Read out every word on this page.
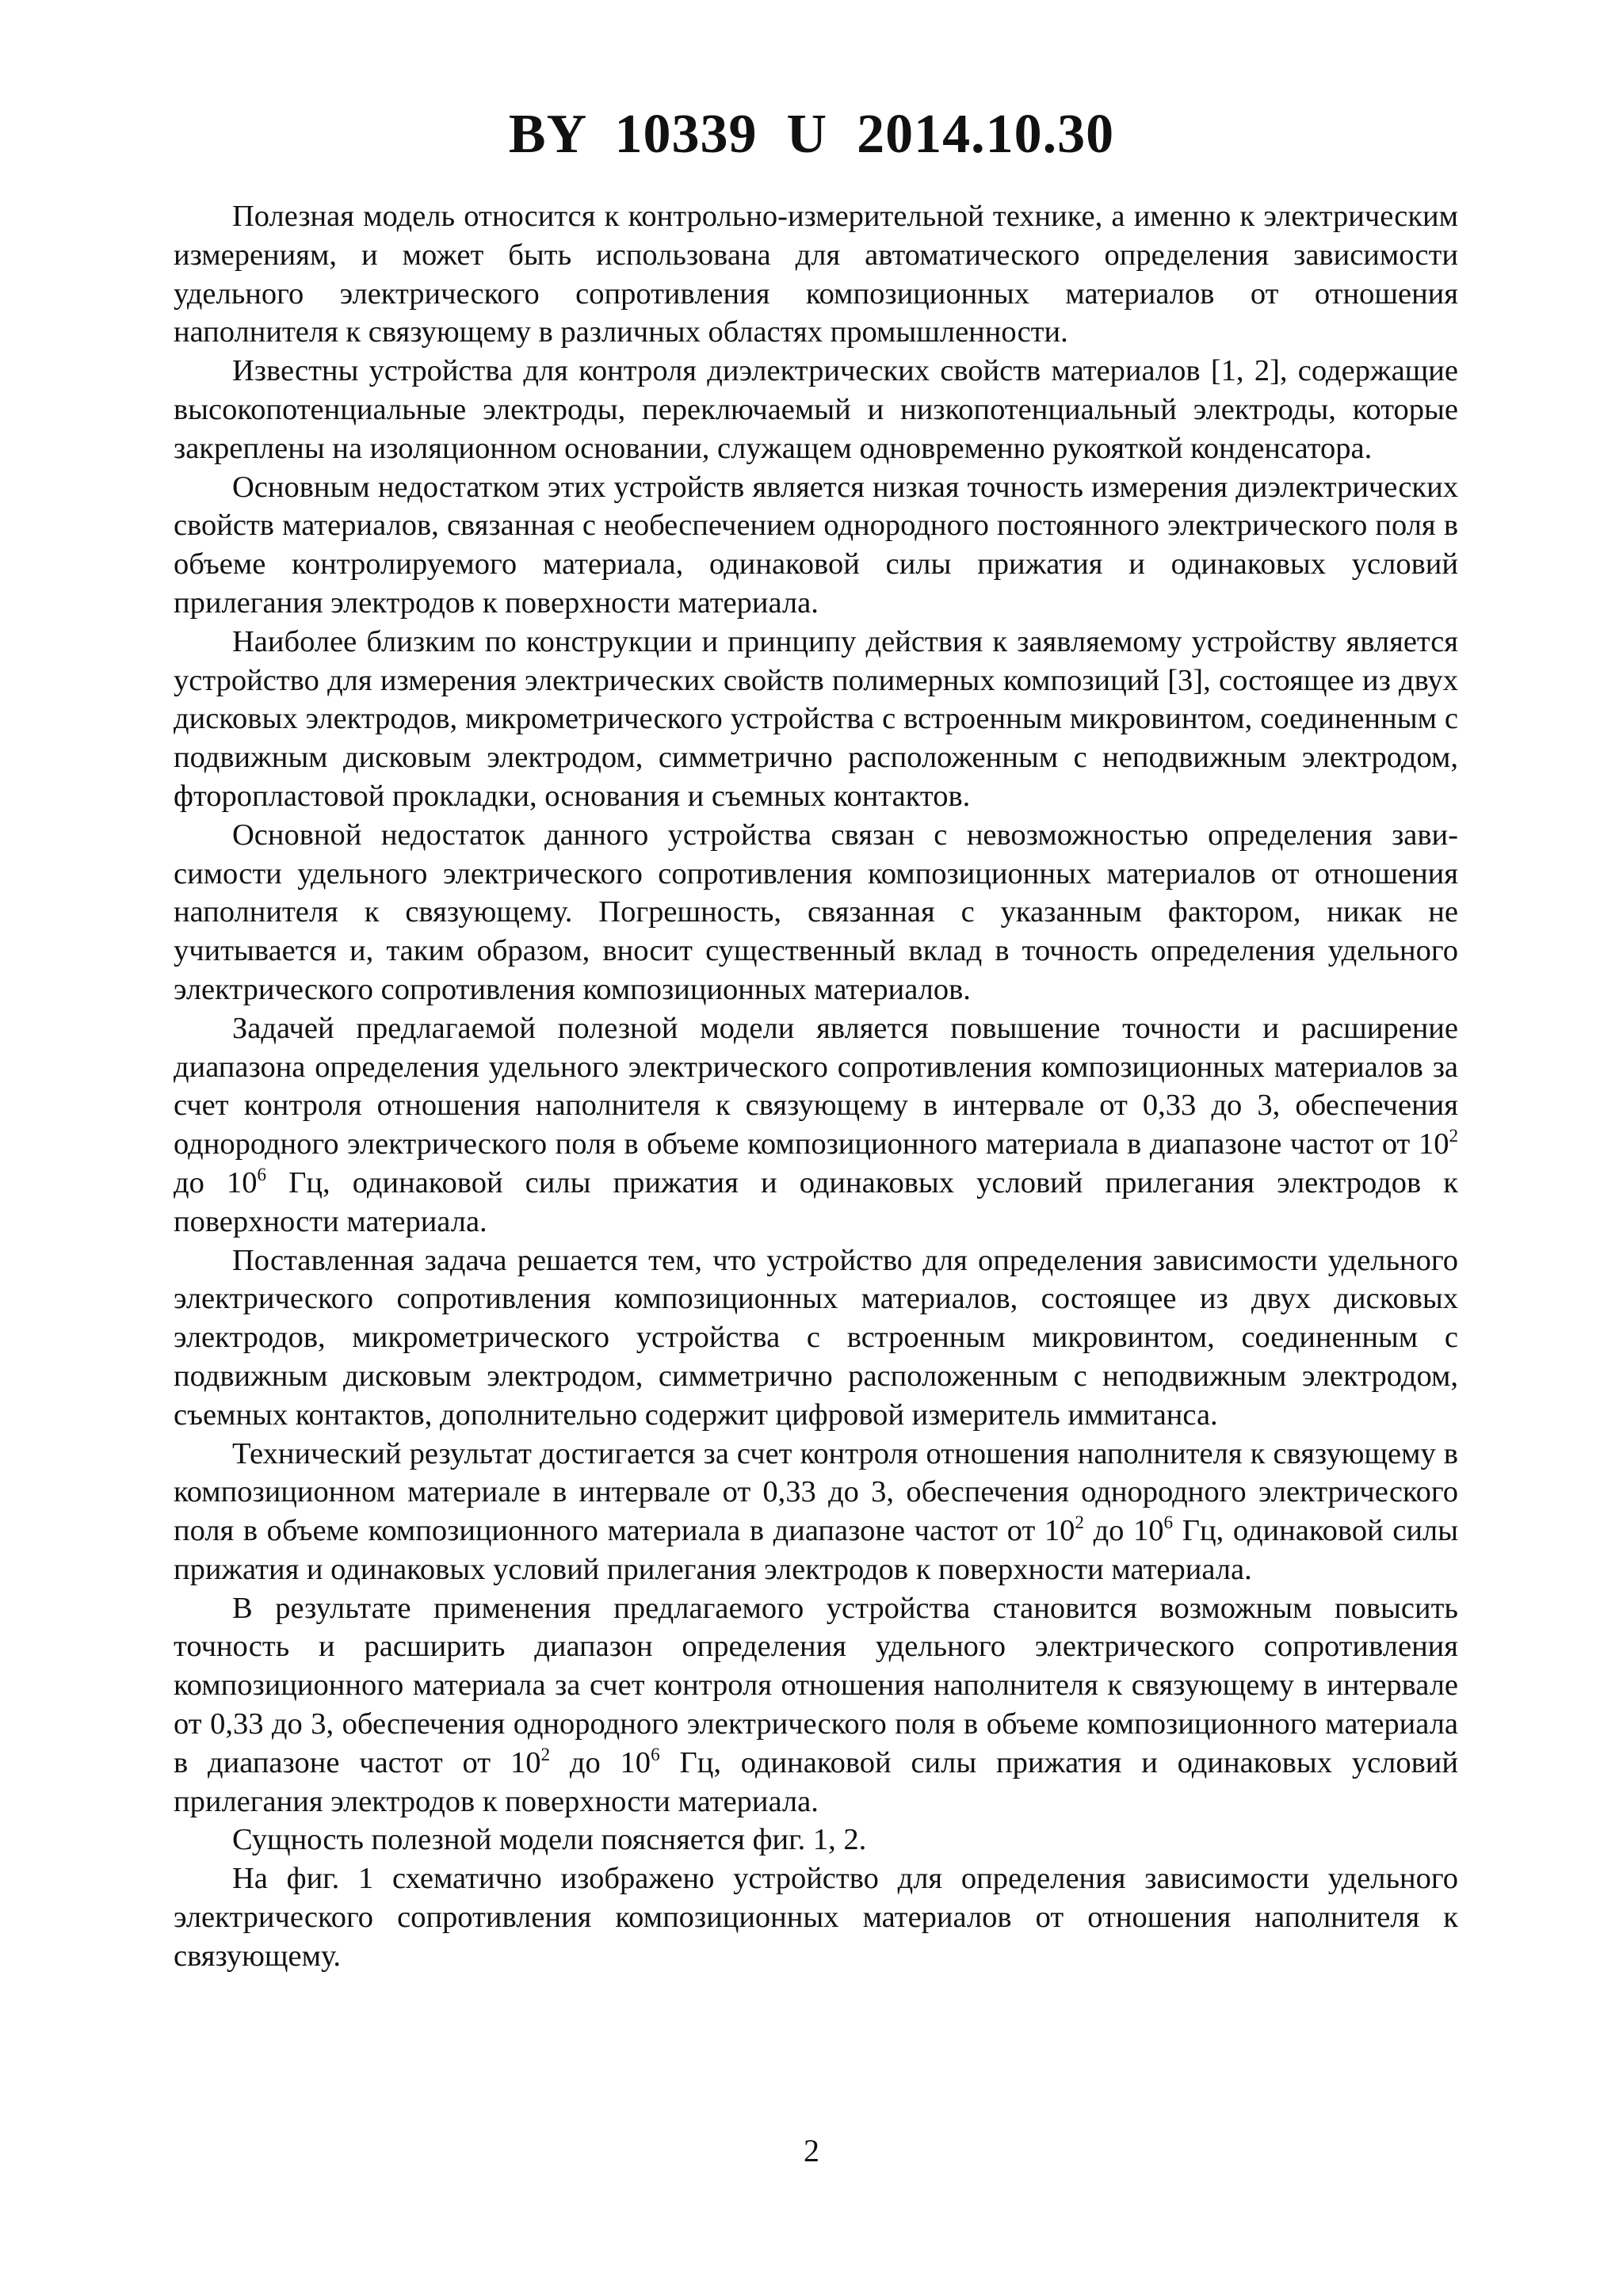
BY  10339  U  2014.10.30

Полезная модель относится к контрольно-измерительной технике, а именно к электрическим измерениям, и может быть использована для автоматического определения зависимости удельного электрического сопротивления композиционных материалов от отношения наполнителя к связующему в различных областях промышленности.

Известны устройства для контроля диэлектрических свойств материалов [1, 2], содержащие высокопотенциальные электроды, переключаемый и низкопотенциальный электроды, которые закреплены на изоляционном основании, служащем одновременно рукояткой конденсатора.

Основным недостатком этих устройств является низкая точность измерения диэлектрических свойств материалов, связанная с необеспечением однородного постоянного электрического поля в объеме контролируемого материала, одинаковой силы прижатия и одинаковых условий прилегания электродов к поверхности материала.

Наиболее близким по конструкции и принципу действия к заявляемому устройству является устройство для измерения электрических свойств полимерных композиций [3], состоящее из двух дисковых электродов, микрометрического устройства с встроенным микровинтом, соединенным с подвижным дисковым электродом, симметрично расположенным с неподвижным электродом, фторопластовой прокладки, основания и съемных контактов.

Основной недостаток данного устройства связан с невозможностью определения зависимости удельного электрического сопротивления композиционных материалов от отношения наполнителя к связующему. Погрешность, связанная с указанным фактором, никак не учитывается и, таким образом, вносит существенный вклад в точность определения удельного электрического сопротивления композиционных материалов.

Задачей предлагаемой полезной модели является повышение точности и расширение диапазона определения удельного электрического сопротивления композиционных материалов за счет контроля отношения наполнителя к связующему в интервале от 0,33 до 3, обеспечения однородного электрического поля в объеме композиционного материала в диапазоне частот от $10^2$ до $10^6$ Гц, одинаковой силы прижатия и одинаковых условий прилегания электродов к поверхности материала.

Поставленная задача решается тем, что устройство для определения зависимости удельного электрического сопротивления композиционных материалов, состоящее из двух дисковых электродов, микрометрического устройства с встроенным микровинтом, соединенным с подвижным дисковым электродом, симметрично расположенным с неподвижным электродом, съемных контактов, дополнительно содержит цифровой измеритель иммитанса.

Технический результат достигается за счет контроля отношения наполнителя к связующему в композиционном материале в интервале от 0,33 до 3, обеспечения однородного электрического поля в объеме композиционного материала в диапазоне частот от $10^2$ до $10^6$ Гц, одинаковой силы прижатия и одинаковых условий прилегания электродов к поверхности материала.

В результате применения предлагаемого устройства становится возможным повысить точность и расширить диапазон определения удельного электрического сопротивления композиционного материала за счет контроля отношения наполнителя к связующему в интервале от 0,33 до 3, обеспечения однородного электрического поля в объеме композиционного материала в диапазоне частот от $10^2$ до $10^6$ Гц, одинаковой силы прижатия и одинаковых условий прилегания электродов к поверхности материала.

Сущность полезной модели поясняется фиг. 1, 2.

На фиг. 1 схематично изображено устройство для определения зависимости удельного электрического сопротивления композиционных материалов от отношения наполнителя к связующему.

2
